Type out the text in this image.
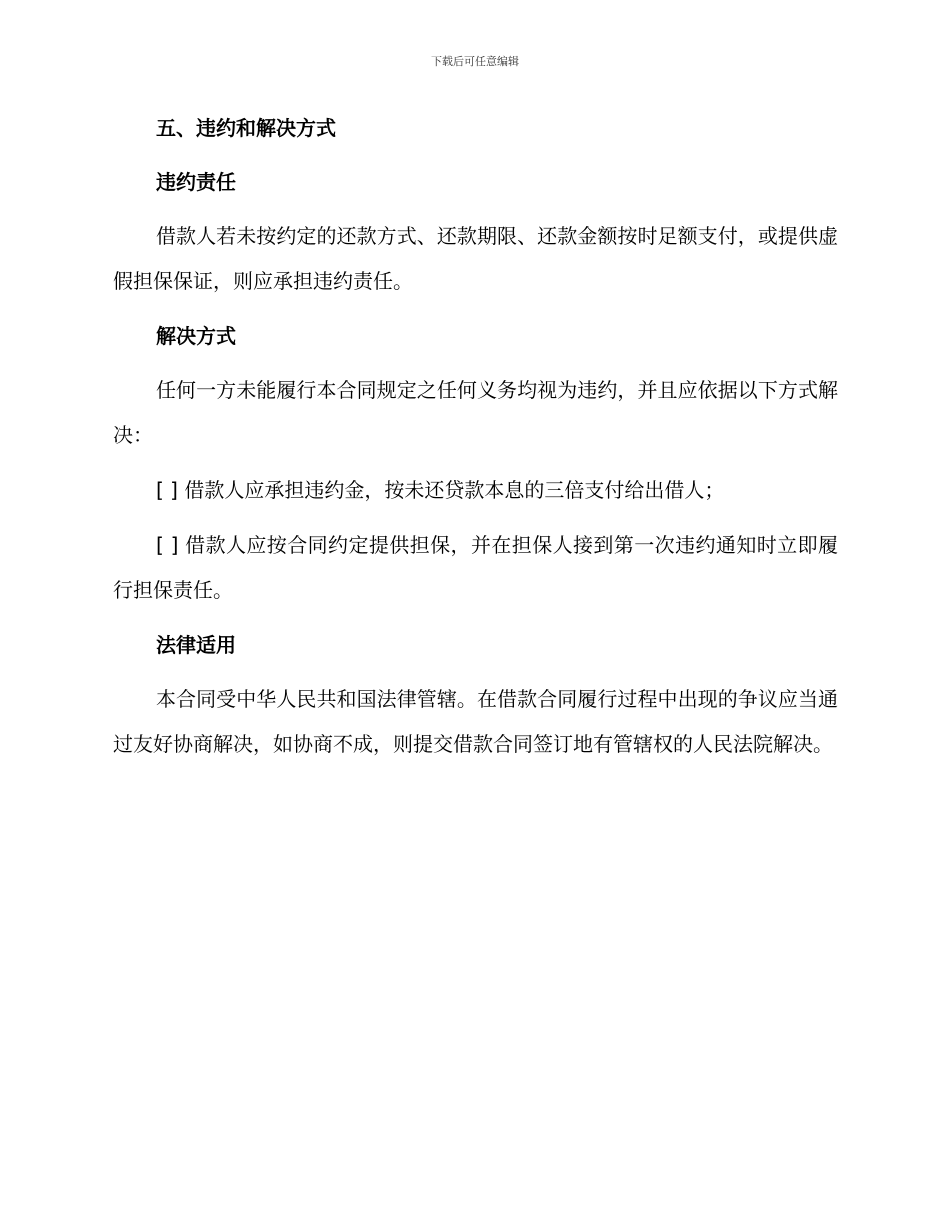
下载后可任意编辑
五、违约和解决方式
违约责任
借款人若未按约定的还款方式、还款期限、还款金额按时足额支付，或提供虚假担保保证，则应承担违约责任。
解决方式
任何一方未能履行本合同规定之任何义务均视为违约，并且应依据以下方式解决：
[ ] 借款人应承担违约金，按未还贷款本息的三倍支付给出借人；
[ ] 借款人应按合同约定提供担保，并在担保人接到第一次违约通知时立即履行担保责任。
法律适用
本合同受中华人民共和国法律管辖。在借款合同履行过程中出现的争议应当通过友好协商解决，如协商不成，则提交借款合同签订地有管辖权的人民法院解决。
